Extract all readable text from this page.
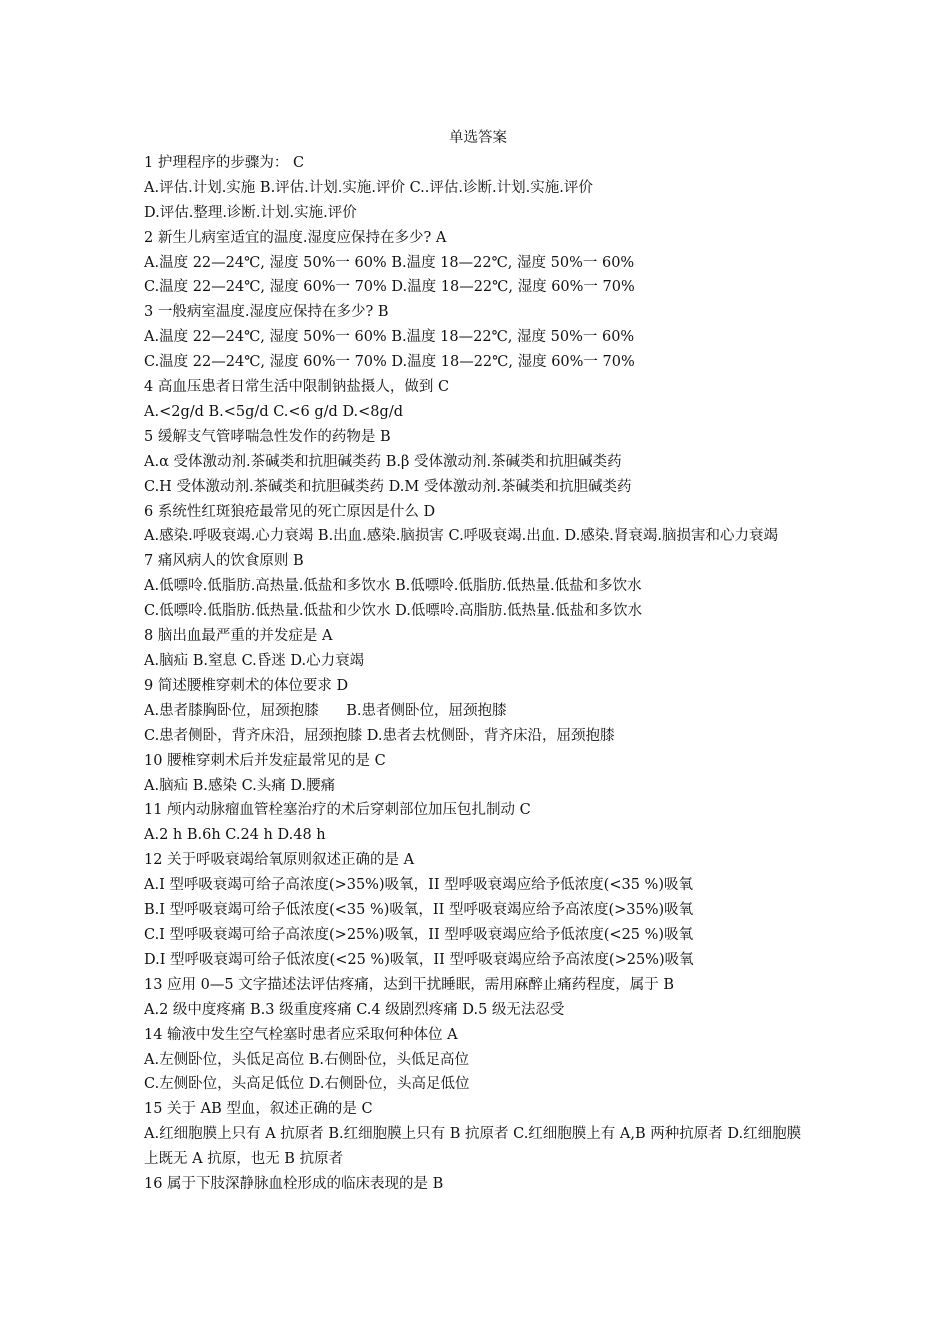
单选答案
1 护理程序的步骤为： C
A.评估.计划.实施 B.评估.计划.实施.评价 C..评估.诊断.计划.实施.评价
D.评估.整理.诊断.计划.实施.评价
2 新生儿病室适宜的温度.湿度应保持在多少? A
A.温度 22—24℃, 湿度 50%一 60% B.温度 18—22℃, 湿度 50%一 60%
C.温度 22—24℃, 湿度 60%一 70% D.温度 18—22℃, 湿度 60%一 70%
3 一般病室温度.湿度应保持在多少? B
A.温度 22—24℃, 湿度 50%一 60% B.温度 18—22℃, 湿度 50%一 60%
C.温度 22—24℃, 湿度 60%一 70% D.温度 18—22℃, 湿度 60%一 70%
4 高血压患者日常生活中限制钠盐摄人，做到 C
A.<2g/d B.<5g/d C.<6 g/d D.<8g/d
5 缓解支气管哮喘急性发作的药物是 B
A.α 受体激动剂.茶碱类和抗胆碱类药 B.β 受体激动剂.茶碱类和抗胆碱类药
C.H 受体激动剂.茶碱类和抗胆碱类药 D.M 受体激动剂.茶碱类和抗胆碱类药
6 系统性红斑狼疮最常见的死亡原因是什么 D
A.感染.呼吸衰竭.心力衰竭 B.出血.感染.脑损害 C.呼吸衰竭.出血. D.感染.肾衰竭.脑损害和心力衰竭
7 痛风病人的饮食原则 B
A.低嘌呤.低脂肪.高热量.低盐和多饮水 B.低嘌呤.低脂肪.低热量.低盐和多饮水
C.低嘌呤.低脂肪.低热量.低盐和少饮水 D.低嘌呤.高脂肪.低热量.低盐和多饮水
8 脑出血最严重的并发症是 A
A.脑疝 B.窒息 C.昏迷 D.心力衰竭
9 简述腰椎穿刺术的体位要求 D
A.患者膝胸卧位，屈颈抱膝      B.患者侧卧位，屈颈抱膝
C.患者侧卧，背齐床沿，屈颈抱膝 D.患者去枕侧卧，背齐床沿，屈颈抱膝
10 腰椎穿刺术后并发症最常见的是 C
A.脑疝 B.感染 C.头痛 D.腰痛
11 颅内动脉瘤血管栓塞治疗的术后穿刺部位加压包扎制动 C
A.2 h B.6h C.24 h D.48 h
12 关于呼吸衰竭给氧原则叙述正确的是 A
A.I 型呼吸衰竭可给子高浓度(>35%)吸氧，II 型呼吸衰竭应给予低浓度(<35 %)吸氧
B.I 型呼吸衰竭可给子低浓度(<35 %)吸氧，II 型呼吸衰竭应给予高浓度(>35%)吸氧
C.I 型呼吸衰竭可给子高浓度(>25%)吸氧，II 型呼吸衰竭应给予低浓度(<25 %)吸氧
D.I 型呼吸衰竭可给子低浓度(<25 %)吸氧，II 型呼吸衰竭应给予高浓度(>25%)吸氧
13 应用 0—5 文字描述法评估疼痛，达到干扰睡眠，需用麻醉止痛药程度，属于 B
A.2 级中度疼痛 B.3 级重度疼痛 C.4 级剧烈疼痛 D.5 级无法忍受
14 输液中发生空气栓塞时患者应采取何种体位 A
A.左侧卧位，头低足高位 B.右侧卧位，头低足高位
C.左侧卧位，头高足低位 D.右侧卧位，头高足低位
15 关于 AB 型血，叙述正确的是 C
A.红细胞膜上只有 A 抗原者 B.红细胞膜上只有 B 抗原者 C.红细胞膜上有 A,B 两种抗原者 D.红细胞膜上既无 A 抗原，也无 B 抗原者
16 属于下肢深静脉血栓形成的临床表现的是 B
